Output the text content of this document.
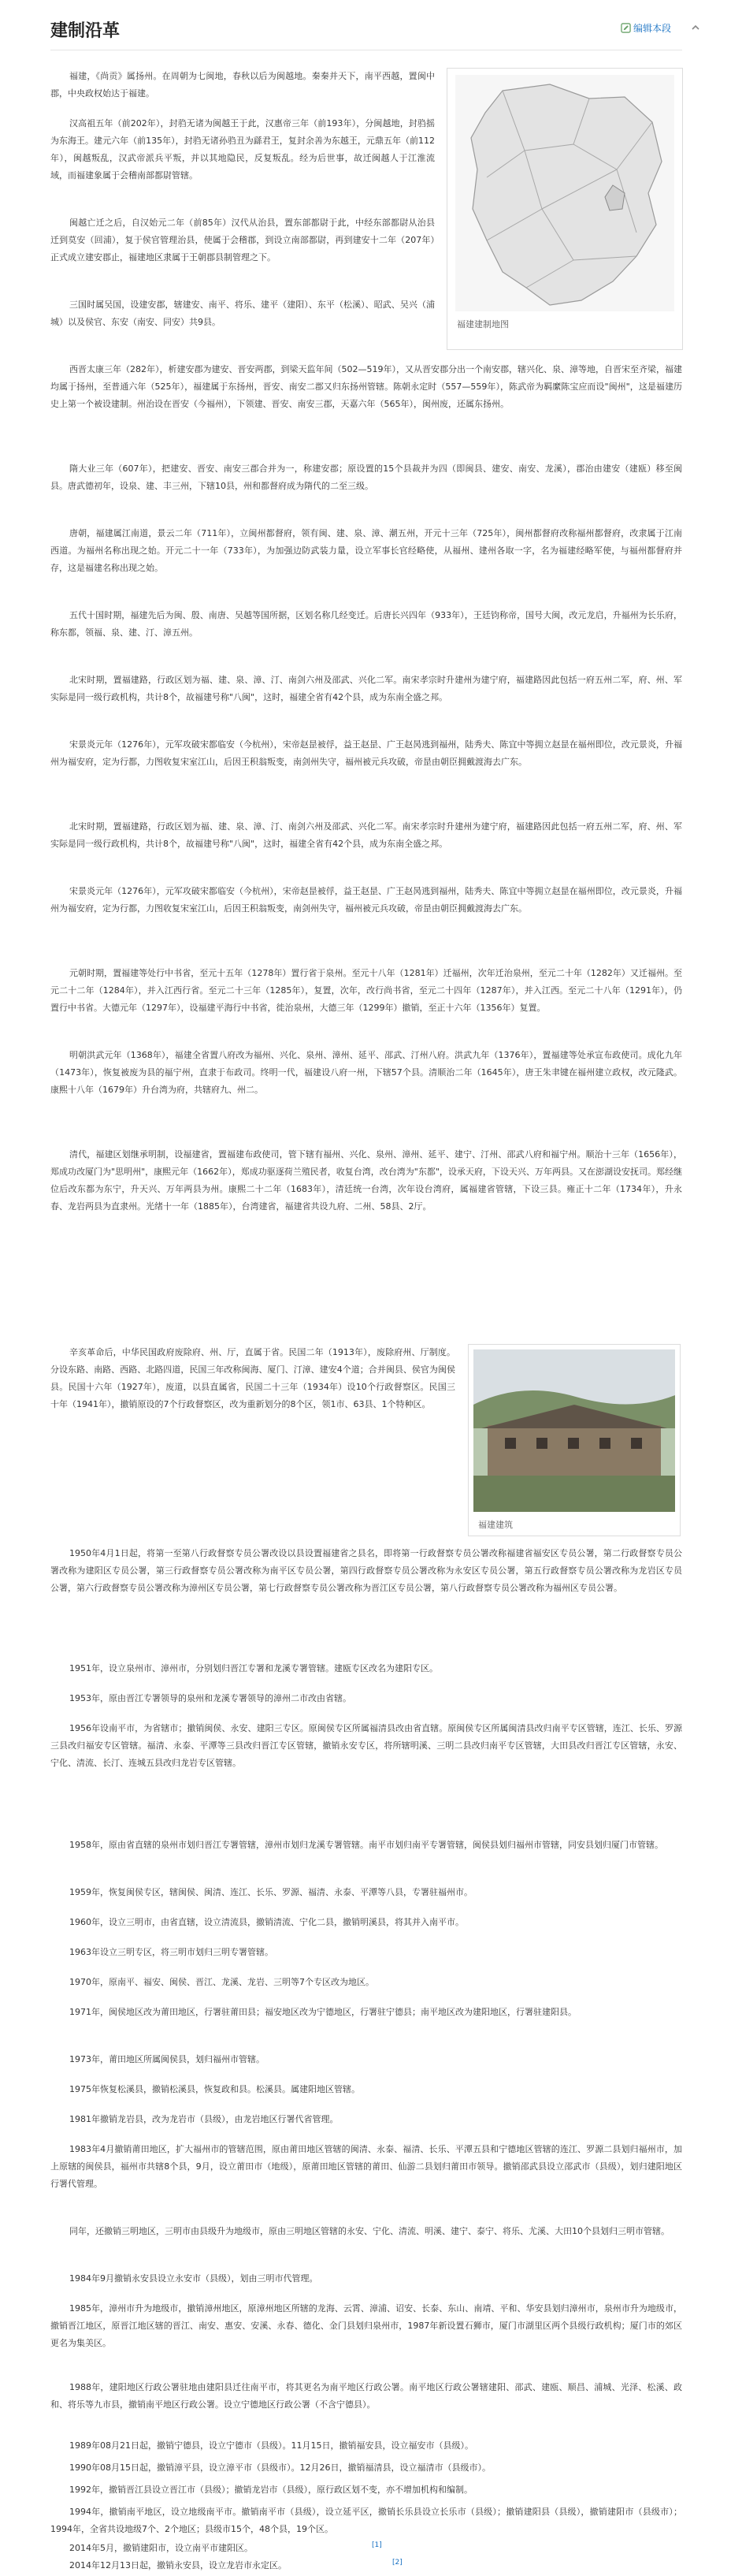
建制沿革	编辑本段
福建建制地图
福建建筑

福建，《尚贡》属扬州。在周朝为七闽地，春秋以后为闽越地。秦秦并天下，南平西越，置闽中郡，中央政权始达于福建。

汉高祖五年（前202年），封驺无诸为闽越王于此，汉惠帝三年（前193年），分闽越地，封驺摇为东海王。建元六年（前135年），封驺无诸孙驺丑为繇君王，复封余善为东越王，元鼎五年（前112年），闽越叛乱，汉武帝派兵平叛，并以其地隐民，反复叛乱。经为后世事，故迁闽越人于江淮流域，而福建象属于会稽南部都尉管辖。

闽越亡迁之后，自汉始元二年（前85年）汉代从治县，置东部都尉于此，中经东部都尉从治县迁到莫安（回浦），复于侯官管理治县，使属于会稽郡，到设立南部都尉，再到建安十二年（207年）正式成立建安郡止，福建地区隶属于王朝郡县制管理之下。

三国时属吴国，设建安郡，辖建安、南平、将乐、建平（建阳）、东平（松溪）、昭武、吴兴（浦城）以及侯官、东安（南安、同安）共9县。

西晋太康三年（282年），析建安郡为建安、晋安两郡，到梁天监年间（502—519年），又从晋安郡分出一个南安郡，辖兴化、泉、漳等地，自晋宋至齐梁，福建均属于扬州，至普通六年（525年），福建属于东扬州，晋安、南安二郡又归东扬州管辖。陈朝永定时（557—559年），陈武帝为羁縻陈宝应而设"闽州"，这是福建历史上第一个被设建制。州治设在晋安（今福州），下领建、晋安、南安三郡，天嘉六年（565年），闽州废，还属东扬州。

隋大业三年（607年），把建安、晋安、南安三郡合并为一，称建安郡；原设置的15个县裁并为四（即闽县、建安、南安、龙溪），郡治由建安（建瓯）移至闽县。唐武德初年，设泉、建、丰三州，下辖10县，州和都督府成为隋代的二至三级。

唐朝，福建属江南道，景云二年（711年），立闽州都督府，领有闽、建、泉、漳、潮五州，开元十三年（725年），闽州都督府改称福州都督府，改隶属于江南西道。为福州名称出现之始。开元二十一年（733年），为加强边防武装力量，设立军事长官经略使，从福州、建州各取一字，名为福建经略军使，与福州都督府并存，这是福建名称出现之始。

五代十国时期，福建先后为闽、殷、南唐、吴越等国所据，区划名称几经变迁。后唐长兴四年（933年），王廷钧称帝，国号大闽，改元龙启，升福州为长乐府，称东都，领福、泉、建、汀、漳五州。

北宋时期，置福建路，行政区划为福、建、泉、漳、汀、南剑六州及邵武、兴化二军。南宋孝宗时升建州为建宁府，福建路因此包括一府五州二军，府、州、军实际是同一级行政机构，共计8个，故福建号称"八闽"，这时，福建全省有42个县，成为东南全盛之邦。

宋景炎元年（1276年），元军攻破宋都临安（今杭州），宋帝赵昰被俘，益王赵昰、广王赵昺逃到福州，陆秀夫、陈宜中等拥立赵昰在福州即位，改元景炎，升福州为福安府，定为行都，力图收复宋室江山，后因王积翁叛变，南剑州失守，福州被元兵攻破，帝昰由朝臣拥戴渡海去广东。

北宋时期，置福建路，行政区划为福、建、泉、漳、汀、南剑六州及邵武、兴化二军。南宋孝宗时升建州为建宁府，福建路因此包括一府五州二军，府、州、军实际是同一级行政机构，共计8个，故福建号称"八闽"，这时，福建全省有42个县，成为东南全盛之邦。

宋景炎元年（1276年），元军攻破宋都临安（今杭州），宋帝赵昰被俘，益王赵昰、广王赵昺逃到福州，陆秀夫、陈宜中等拥立赵昰在福州即位，改元景炎，升福州为福安府，定为行都，力图收复宋室江山，后因王积翁叛变，南剑州失守，福州被元兵攻破，帝昰由朝臣拥戴渡海去广东。

元朝时期，置福建等处行中书省，至元十五年（1278年）置行省于泉州。至元十八年（1281年）迁福州，次年迁治泉州，至元二十年（1282年）又迁福州。至元二十二年（1284年），并入江西行省。至元二十三年（1285年），复置，次年，改行尚书省，至元二十四年（1287年），并入江西。至元二十八年（1291年），仍置行中书省。大德元年（1297年），设福建平海行中书省，徙治泉州，大德三年（1299年）撤销，至正十六年（1356年）复置。

明朝洪武元年（1368年），福建全省置八府改为福州、兴化、泉州、漳州、延平、邵武、汀州八府。洪武九年（1376年），置福建等处承宣布政使司。成化九年（1473年），恢复被废为县的福宁州，直隶于布政司。终明一代，福建设八府一州，下辖57个县。清顺治二年（1645年），唐王朱聿键在福州建立政权，改元隆武。康熙十八年（1679年）升台湾为府，共辖府九、州二。

清代，福建区划继承明制，设福建省，置福建布政使司，管下辖有福州、兴化、泉州、漳州、延平、建宁、汀州、邵武八府和福宁州。顺治十三年（1656年），郑成功改厦门为"思明州"，康熙元年（1662年），郑成功驱逐荷兰殖民者，收复台湾，改台湾为"东都"，设承天府，下设天兴、万年两县。又在澎湖设安抚司。郑经继位后改东都为东宁，升天兴、万年两县为州。康熙二十二年（1683年），清廷统一台湾，次年设台湾府，属福建省管辖，下设三县。雍正十二年（1734年），升永春、龙岩两县为直隶州。光绪十一年（1885年），台湾建省，福建省共设九府、二州、58县、2厅。

辛亥革命后，中华民国政府废除府、州、厅，直属于省。民国二年（1913年），废除府州、厅制度。分设东路、南路、西路、北路四道，民国三年改称闽海、厦门、汀漳、建安4个道；合并闽县、侯官为闽侯县。民国十六年（1927年），废道，以县直属省，民国二十三年（1934年）设10个行政督察区。民国三十年（1941年），撤销原设的7个行政督察区，改为重新划分的8个区，领1市、63县、1个特种区。

1950年4月1日起，将第一至第八行政督察专员公署改设以县设置福建省之县名，即将第一行政督察专员公署改称福建省福安区专员公署，第二行政督察专员公署改称为建阳区专员公署，第三行政督察专员公署改称为南平区专员公署，第四行政督察专员公署改称为永安区专员公署，第五行政督察专员公署改称为龙岩区专员公署，第六行政督察专员公署改称为漳州区专员公署，第七行政督察专员公署改称为晋江区专员公署，第八行政督察专员公署改称为福州区专员公署。

1951年，设立泉州市、漳州市，分别划归晋江专署和龙溪专署管辖。建瓯专区改名为建阳专区。

1953年，原由晋江专署领导的泉州和龙溪专署领导的漳州二市改由省辖。

1956年设南平市，为省辖市；撤销闽侯、永安、建阳三专区。原闽侯专区所属福清县改由省直辖。原闽侯专区所属闽清县改归南平专区管辖，连江、长乐、罗源三县改归福安专区管辖。福清、永泰、平潭等三县改归晋江专区管辖，撤销永安专区，将所辖明溪、三明二县改归南平专区管辖，大田县改归晋江专区管辖，永安、宁化、清流、长汀、连城五县改归龙岩专区管辖。

1958年，原由省直辖的泉州市划归晋江专署管辖，漳州市划归龙溪专署管辖。南平市划归南平专署管辖，闽侯县划归福州市管辖，同安县划归厦门市管辖。

1959年，恢复闽侯专区，辖闽侯、闽清、连江、长乐、罗源、福清、永泰、平潭等八县，专署驻福州市。

1960年，设立三明市，由省直辖，设立清流县，撤销清流、宁化二县，撤销明溪县，将其并入南平市。

1963年设立三明专区，将三明市划归三明专署管辖。

1970年，原南平、福安、闽侯、晋江、龙溪、龙岩、三明等7个专区改为地区。

1971年，闽侯地区改为莆田地区，行署驻莆田县；福安地区改为宁德地区，行署驻宁德县；南平地区改为建阳地区，行署驻建阳县。

1973年，莆田地区所属闽侯县，划归福州市管辖。

1975年恢复松溪县，撤销松溪县，恢复政和县。松溪县。属建阳地区管辖。

1981年撤销龙岩县，改为龙岩市（县级），由龙岩地区行署代省管理。

1983年4月撤销莆田地区，扩大福州市的管辖范围，原由莆田地区管辖的闽清、永泰、福清、长乐、平潭五县和宁德地区管辖的连江、罗源二县划归福州市，加上原辖的闽侯县，福州市共辖8个县，9月，设立莆田市（地级），原莆田地区管辖的莆田、仙游二县划归莆田市领导。撤销邵武县设立邵武市（县级），划归建阳地区行署代管理。

同年，还撤销三明地区，三明市由县级升为地级市，原由三明地区管辖的永安、宁化、清流、明溪、建宁、泰宁、将乐、尤溪、大田10个县划归三明市管辖。

1984年9月撤销永安县设立永安市（县级），划由三明市代管理。

1985年，漳州市升为地级市，撤销漳州地区，原漳州地区所辖的龙海、云霄、漳浦、诏安、长泰、东山、南靖、平和、华安县划归漳州市，泉州市升为地级市，撤销晋江地区，原晋江地区辖的晋江、南安、惠安、安溪、永春、德化、金门县划归泉州市，1987年新设置石狮市，厦门市湖里区两个县级行政机构；厦门市的郊区更名为集美区。

1988年，建阳地区行政公署驻地由建阳县迁往南平市，将其更名为南平地区行政公署。南平地区行政公署辖建阳、邵武、建瓯、顺昌、浦城、光泽、松溪、政和、将乐等九市县，撤销南平地区行政公署。设立宁德地区行政公署（不含宁德县）。

1989年08月21日起，撤销宁德县，设立宁德市（县级）。11月15日，撤销福安县，设立福安市（县级）。

1990年08月15日起，撤销漳平县，设立漳平市（县级市）。12月26日，撤销福清县，设立福清市（县级市）。

1992年，撤销晋江县设立晋江市（县级）；撤销龙岩市（县级），原行政区划不变，亦不增加机构和编制。

1994年，撤销南平地区，设立地级南平市。撤销南平市（县级），设立延平区，撤销长乐县设立长乐市（县级）；撤销建阳县（县级），撤销建阳市（县级市）；1994年，全省共设地级7个、2个地区；县级市15个，48个县，19个区。

2014年5月，撤销建阳市，设立南平市建阳区。

2014年12月13日起，撤销永安县，设立龙岩市永定区。

[1]
[2]
